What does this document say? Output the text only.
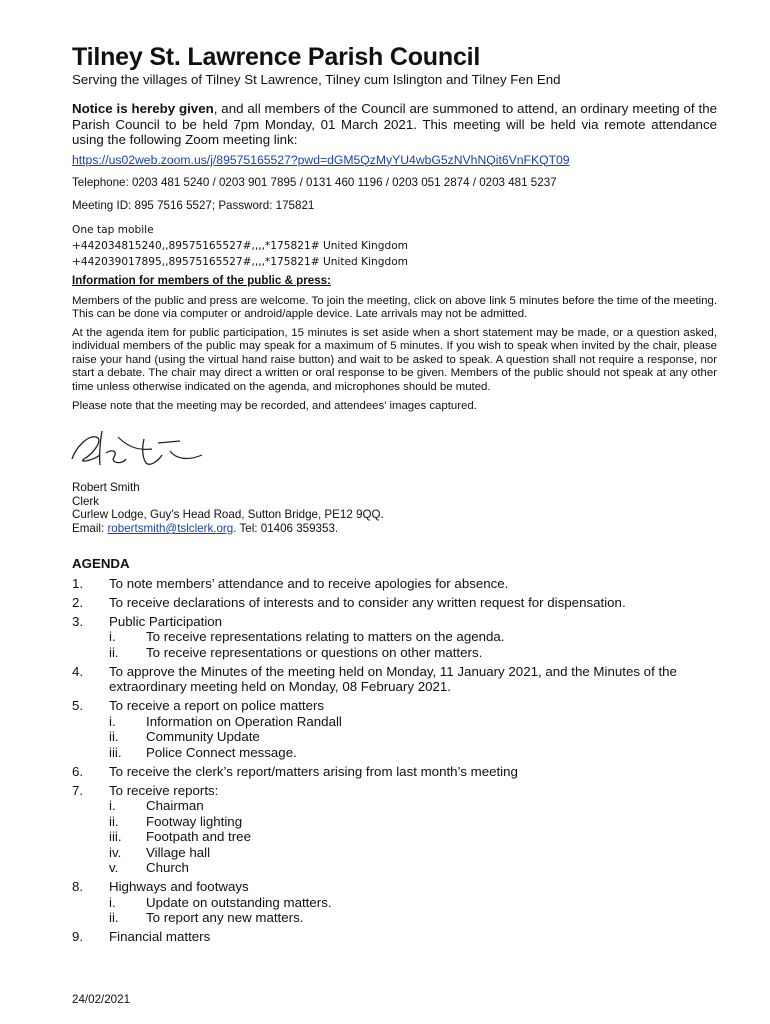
Tilney St. Lawrence Parish Council

Serving the villages of Tilney St Lawrence, Tilney cum Islington and Tilney Fen End

Notice is hereby given, and all members of the Council are summoned to attend, an ordinary meeting of the Parish Council to be held 7pm Monday, 01 March 2021. This meeting will be held via remote attendance using the following Zoom meeting link:

https://us02web.zoom.us/j/89575165527?pwd=dGM5QzMyYU4wbG5zNVhNQit6VnFKQT09

Telephone: 0203 481 5240 / 0203 901 7895 / 0131 460 1196 / 0203 051 2874 / 0203 481 5237

Meeting ID: 895 7516 5527; Password: 175821

One tap mobile
+442034815240,,89575165527#,,,,*175821# United Kingdom
+442039017895,,89575165527#,,,,*175821# United Kingdom

Information for members of the public & press:

Members of the public and press are welcome. To join the meeting, click on above link 5 minutes before the time of the meeting. This can be done via computer or android/apple device. Late arrivals may not be admitted.

At the agenda item for public participation, 15 minutes is set aside when a short statement may be made, or a question asked, individual members of the public may speak for a maximum of 5 minutes. If you wish to speak when invited by the chair, please raise your hand (using the virtual hand raise button) and wait to be asked to speak. A question shall not require a response, nor start a debate. The chair may direct a written or oral response to be given. Members of the public should not speak at any other time unless otherwise indicated on the agenda, and microphones should be muted.

Please note that the meeting may be recorded, and attendees’ images captured.

Robert Smith
Clerk
Curlew Lodge, Guy’s Head Road, Sutton Bridge, PE12 9QQ.
Email: robertsmith@tslclerk.org. Tel: 01406 359353.

AGENDA

1.	To note members’ attendance and to receive apologies for absence.
2.	To receive declarations of interests and to consider any written request for dispensation.
3.	Public Participation
i.	To receive representations relating to matters on the agenda.
ii.	To receive representations or questions on other matters.
4.	To approve the Minutes of the meeting held on Monday, 11 January 2021, and the Minutes of the extraordinary meeting held on Monday, 08 February 2021.
5.	To receive a report on police matters
i.	Information on Operation Randall
ii.	Community Update
iii.	Police Connect message.
6.	To receive the clerk’s report/matters arising from last month’s meeting
7.	To receive reports:
i.	Chairman
ii.	Footway lighting
iii.	Footpath and tree
iv.	Village hall
v.	Church
8.	Highways and footways
i.	Update on outstanding matters.
ii.	To report any new matters.
9.	Financial matters
24/02/2021
